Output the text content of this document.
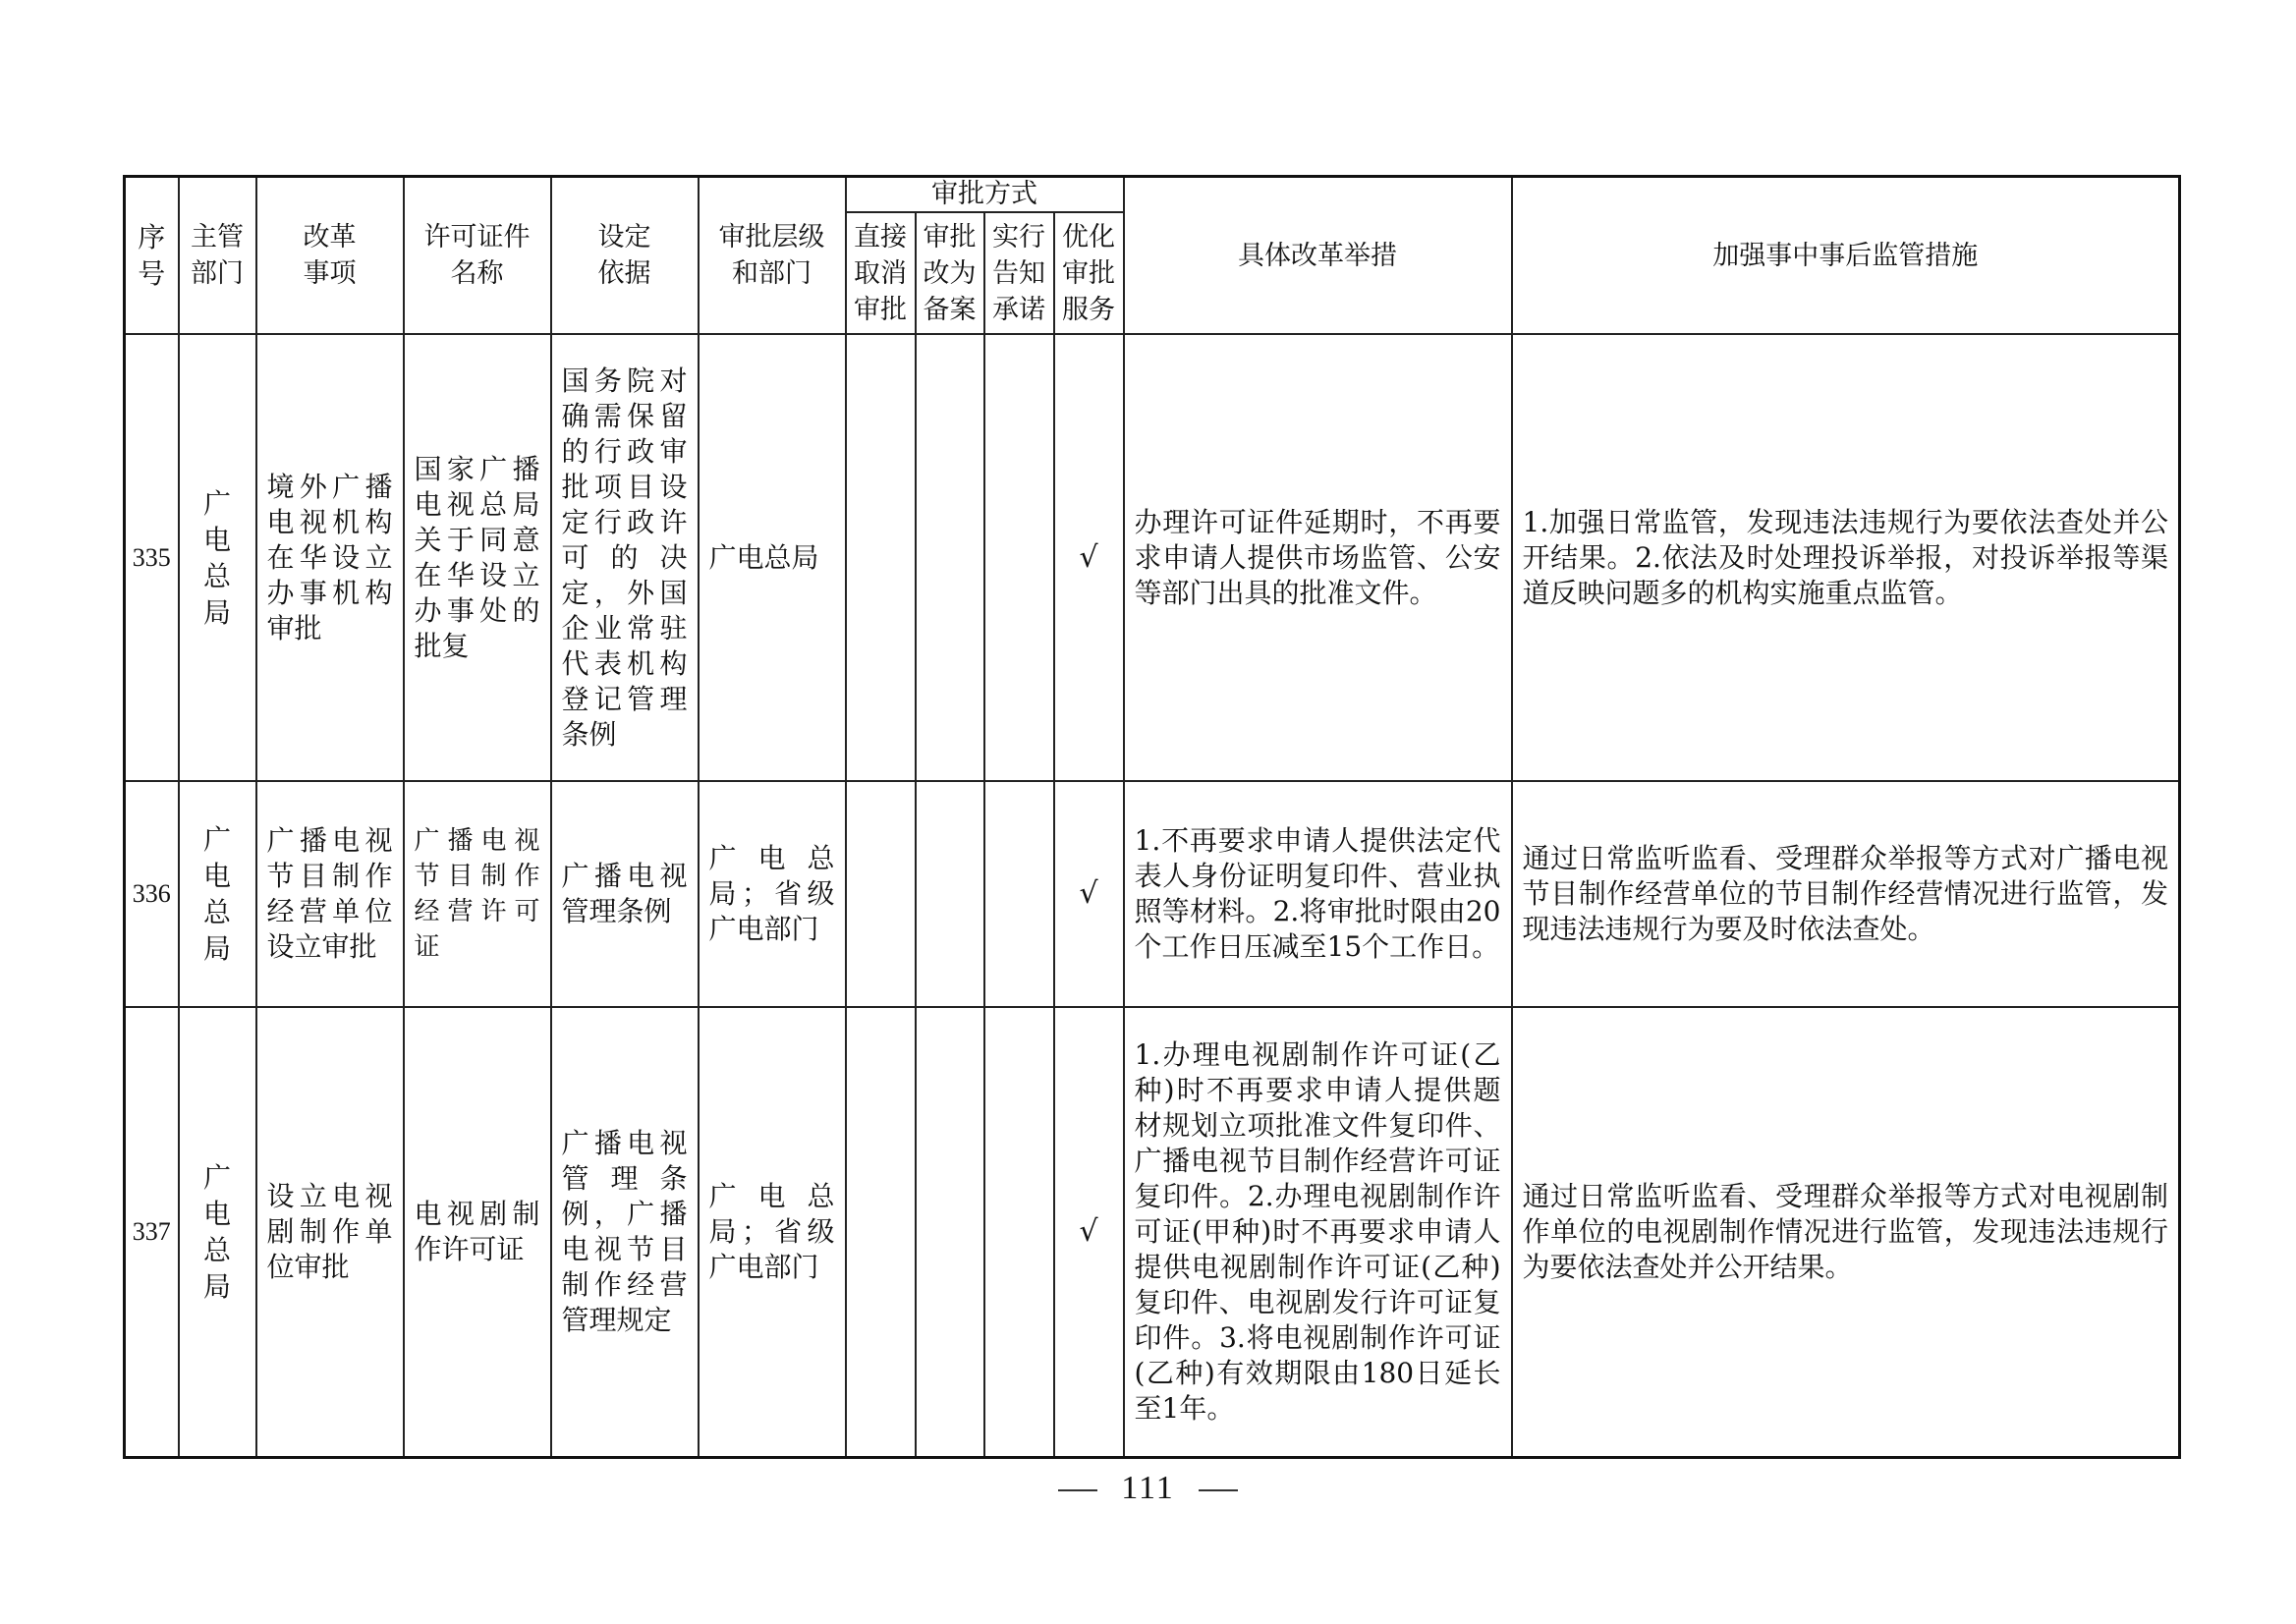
序号	主管部门	改革事项	许可证件名称	设定依据	审批层级和部门	审批方式				具体改革举措	加强事中事后监管措施

						直接取消审批	审批改为备案	实行告知承诺	优化审批服务		

335	广电总局	境外广播电视机构在华设立办事机构审批	国家广播电视总局关于同意在华设立办事处的批复	国务院对确需保留的行政审批项目设定行政许可的决定，外国企业常驻代表机构登记管理条例	广电总局				√	办理许可证件延期时，不再要求申请人提供市场监管、公安等部门出具的批准文件。	1.加强日常监管，发现违法违规行为要依法查处并公开结果。2.依法及时处理投诉举报，对投诉举报等渠道反映问题多的机构实施重点监管。

336	广电总局	广播电视节目制作经营单位设立审批	广播电视节目制作经营许可证	广播电视管理条例	广电总局；省级广电部门				√	1.不再要求申请人提供法定代表人身份证明复印件、营业执照等材料。2.将审批时限由20个工作日压减至15个工作日。	通过日常监听监看、受理群众举报等方式对广播电视节目制作经营单位的节目制作经营情况进行监管，发现违法违规行为要及时依法查处。

337	广电总局	设立电视剧制作单位审批	电视剧制作许可证	广播电视管理条例，广播电视节目制作经营管理规定	广电总局；省级广电部门				√	1.办理电视剧制作许可证(乙种)时不再要求申请人提供题材规划立项批准文件复印件、广播电视节目制作经营许可证复印件。2.办理电视剧制作许可证(甲种)时不再要求申请人提供电视剧制作许可证(乙种)复印件、电视剧发行许可证复印件。3.将电视剧制作许可证(乙种)有效期限由180日延长至1年。	通过日常监听监看、受理群众举报等方式对电视剧制作单位的电视剧制作情况进行监管，发现违法违规行为要依法查处并公开结果。
111
